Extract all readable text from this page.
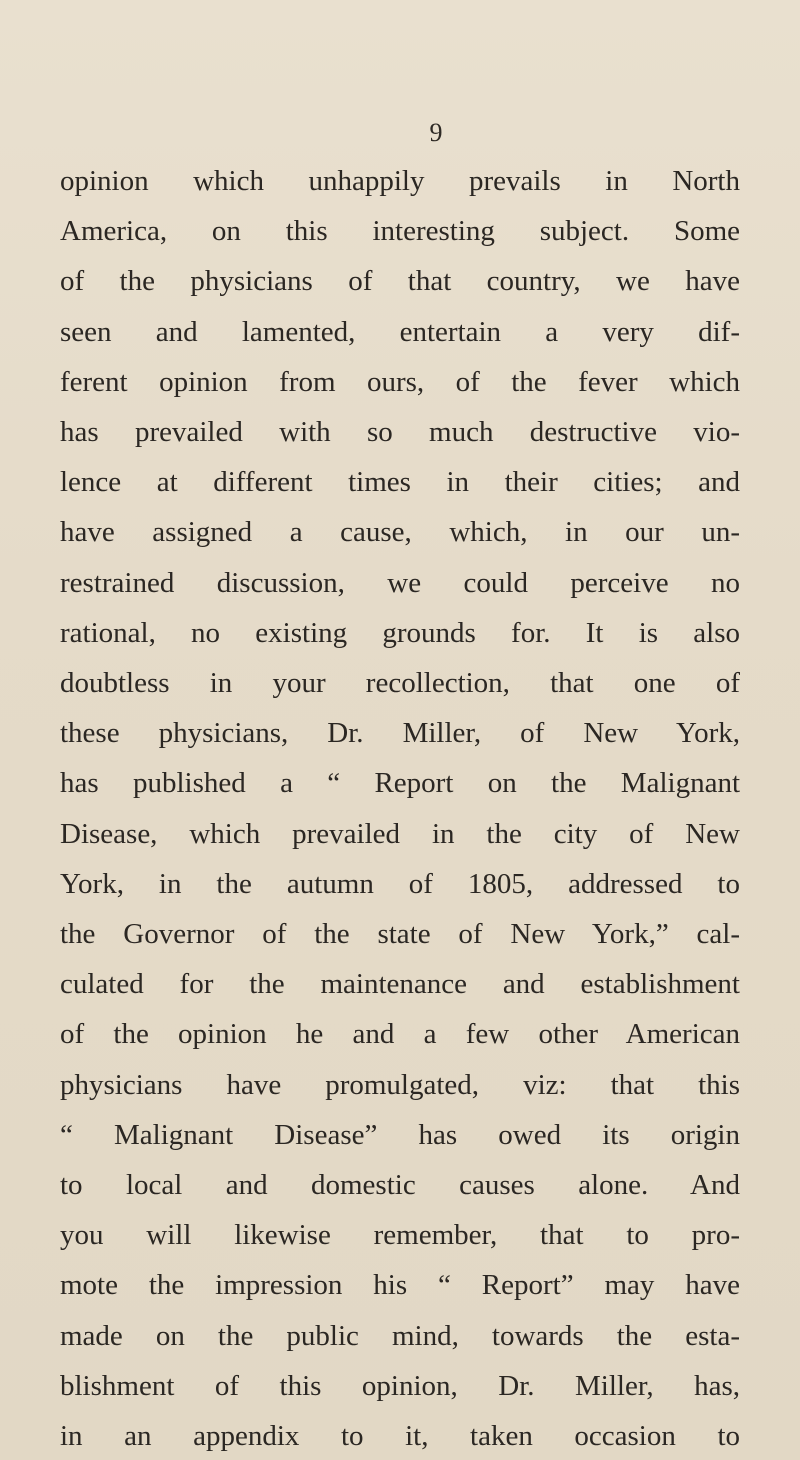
9
opinion which unhappily prevails in North
America, on this interesting subject. Some
of the physicians of that country, we have
seen and lamented, entertain a very dif-
ferent opinion from ours, of the fever which
has prevailed with so much destructive vio-
lence at different times in their cities; and
have assigned a cause, which, in our un-
restrained discussion, we could perceive no
rational, no existing grounds for. It is also
doubtless in your recollection, that one of
these physicians, Dr. Miller, of New York,
has published a “ Report on the Malignant
Disease, which prevailed in the city of New
York, in the autumn of 1805, addressed to
the Governor of the state of New York,” cal-
culated for the maintenance and establishment
of the opinion he and a few other American
physicians have promulgated, viz: that this
“ Malignant Disease” has owed its origin
to local and domestic causes alone. And
you will likewise remember, that to pro-
mote the impression his “ Report” may have
made on the public mind, towards the esta-
blishment of this opinion, Dr. Miller, has,
in an appendix to it, taken occasion to
